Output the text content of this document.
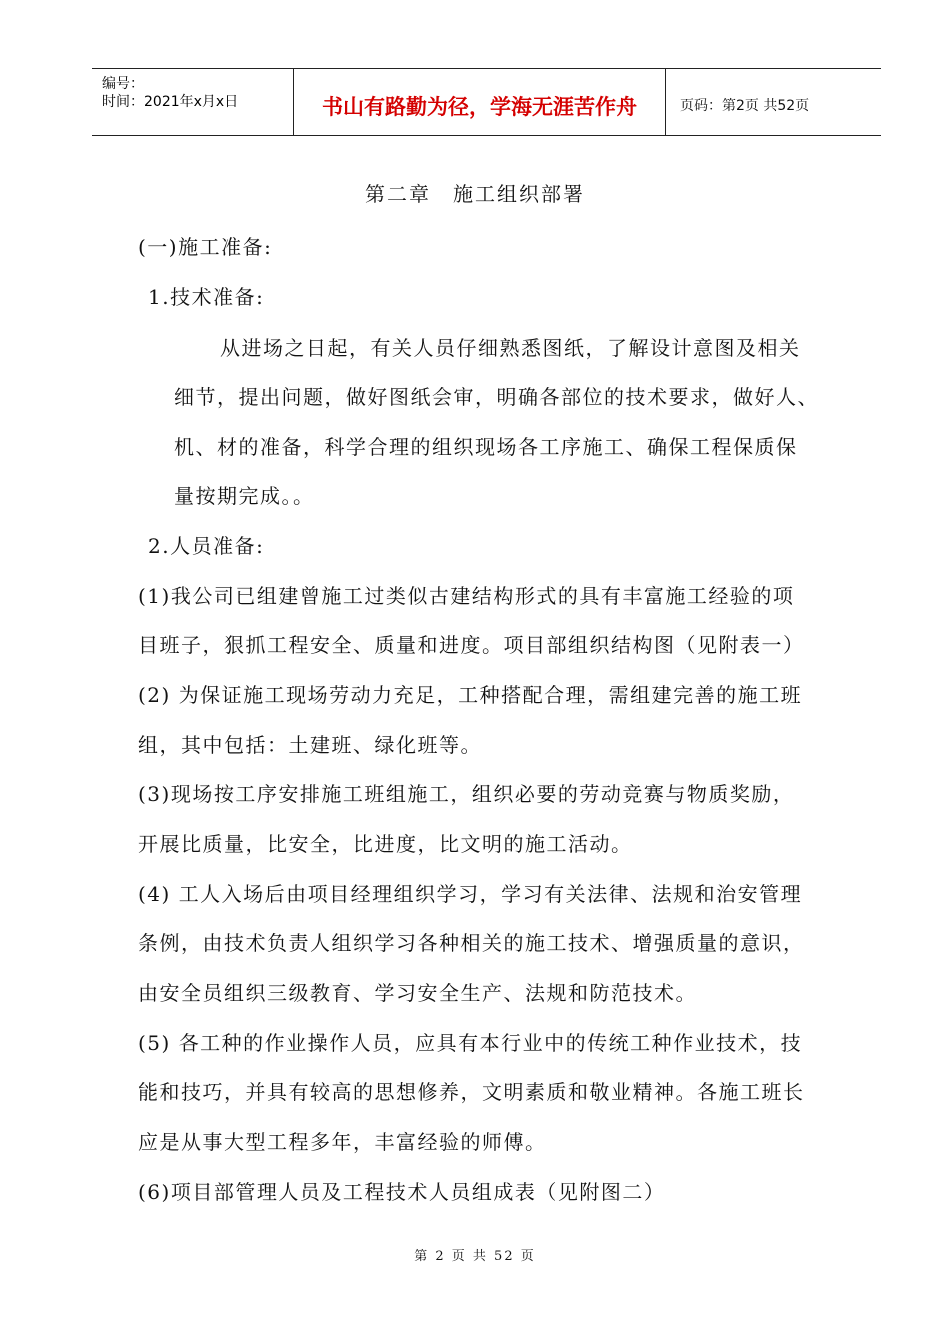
编号：
时间：2021年x月x日	书山有路勤为径，学海无涯苦作舟	页码：第2页 共52页
第二章　施工组织部署
(一)施工准备:
1.技术准备:
从进场之日起，有关人员仔细熟悉图纸，了解设计意图及相关
细节，提出问题，做好图纸会审，明确各部位的技术要求，做好人、
机、材的准备，科学合理的组织现场各工序施工、确保工程保质保
量按期完成。。
2.人员准备:
(1)我公司已组建曾施工过类似古建结构形式的具有丰富施工经验的项
目班子，狠抓工程安全、质量和进度。项目部组织结构图（见附表一）
(2) 为保证施工现场劳动力充足，工种搭配合理，需组建完善的施工班
组，其中包括：土建班、绿化班等。
(3)现场按工序安排施工班组施工，组织必要的劳动竞赛与物质奖励，
开展比质量，比安全，比进度，比文明的施工活动。
(4) 工人入场后由项目经理组织学习，学习有关法律、法规和治安管理
条例，由技术负责人组织学习各种相关的施工技术、增强质量的意识，
由安全员组织三级教育、学习安全生产、法规和防范技术。
(5) 各工种的作业操作人员，应具有本行业中的传统工种作业技术，技
能和技巧，并具有较高的思想修养，文明素质和敬业精神。各施工班长
应是从事大型工程多年，丰富经验的师傅。
(6)项目部管理人员及工程技术人员组成表（见附图二）
第 2 页 共 52 页
